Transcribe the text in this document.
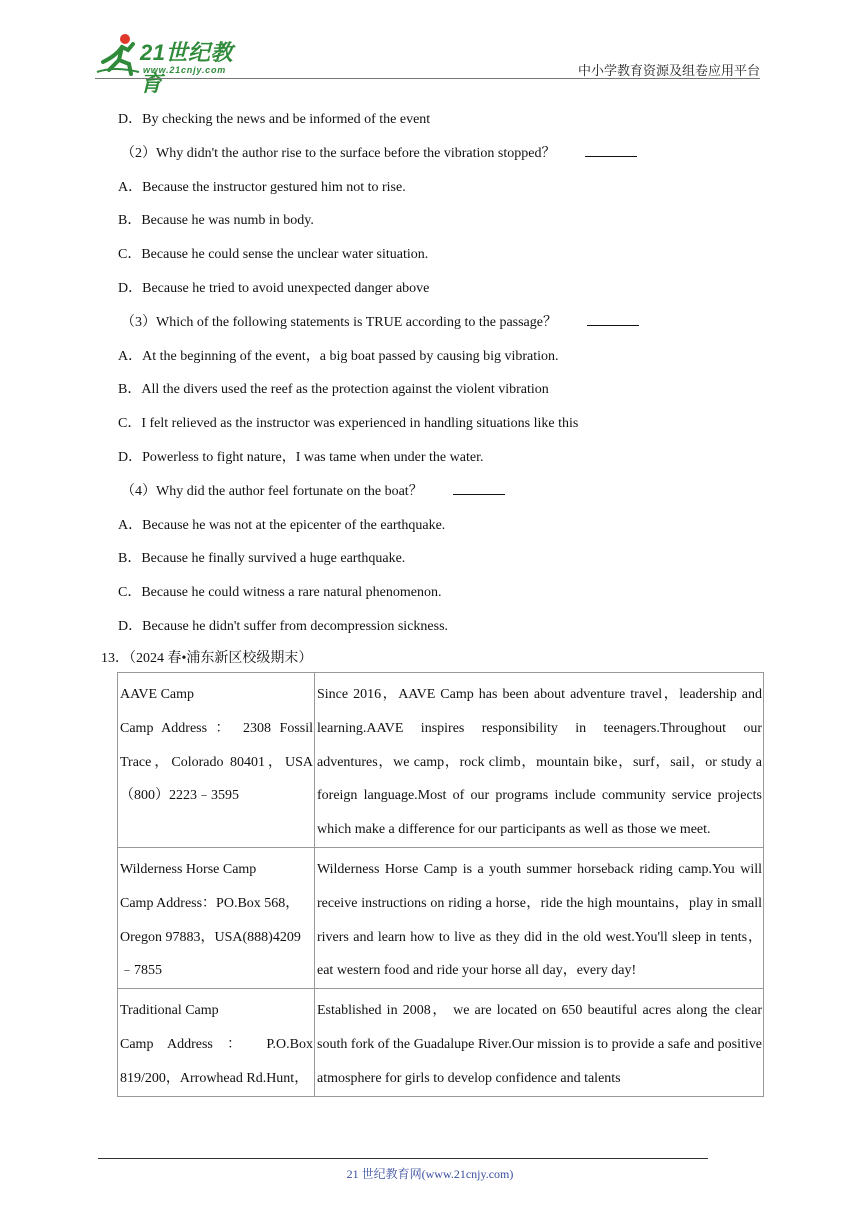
21世纪教育
www.21cnjy.com	中小学教育资源及组卷应用平台
D．By checking the news and be informed of the event
（2）Why didn't the author rise to the surface before the vibration stopped？
A．Because the instructor gestured him not to rise.
B．Because he was numb in body.
C．Because he could sense the unclear water situation.
D．Because he tried to avoid unexpected danger above
（3）Which of the following statements is TRUE according to the passage？
A．At the beginning of the event，a big boat passed by causing big vibration.
B．All the divers used the reef as the protection against the violent vibration
C．I felt relieved as the instructor was experienced in handling situations like this
D．Powerless to fight nature，I was tame when under the water.
（4）Why did the author feel fortunate on the boat？
A．Because he was not at the epicenter of the earthquake.
B．Because he finally survived a huge earthquake.
C．Because he could witness a rare natural phenomenon.
D．Because he didn't suffer from decompression sickness.
13．（2024 春•浦东新区校级期末）
AAVE Camp
Camp Address ： 2308 Fossil Trace，Colorado 80401，USA（800）2223﹣3595	Since 2016，AAVE Camp has been about adventure travel，leadership and learning.AAVE inspires responsibility in teenagers.Throughout our adventures，we camp，rock climb，mountain bike，surf，sail，or study a foreign language.Most of our programs include community service projects which make a difference for our participants as well as those we meet.

Wilderness Horse Camp
Camp Address：PO.Box 568，Oregon 97883，USA(888)4209﹣7855	Wilderness Horse Camp is a youth summer horseback riding camp.You will receive instructions on riding a horse，ride the high mountains，play in small rivers and learn how to live as they did in the old west.You'll sleep in tents，eat western food and ride your horse all day，every day!

Traditional Camp
Camp Address ： P.O.Box 819/200，Arrowhead Rd.Hunt，	Established in 2008， we are located on 650 beautiful acres along the clear south fork of the Guadalupe River.Our mission is to provide a safe and positive atmosphere for girls to develop confidence and talents
21 世纪教育网(www.21cnjy.com)
